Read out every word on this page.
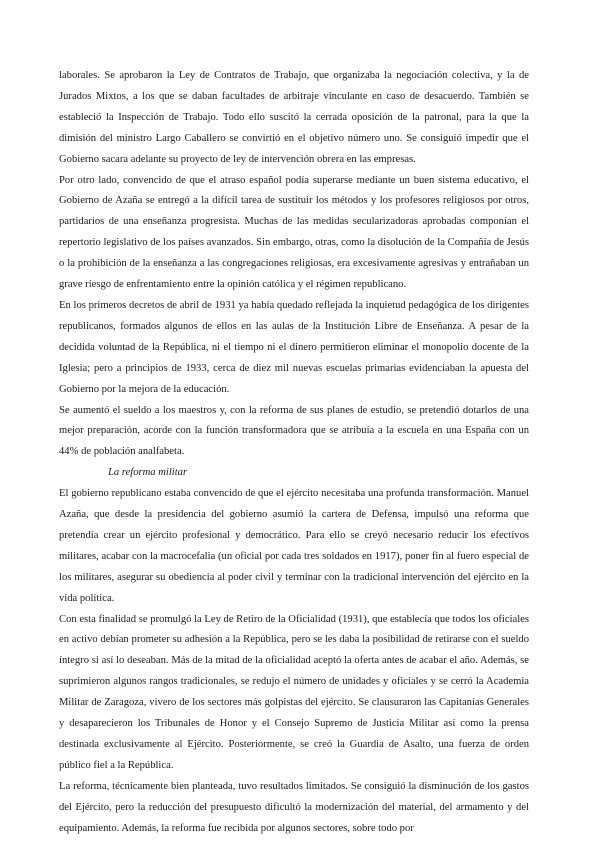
laborales. Se aprobaron la Ley de Contratos de Trabajo, que organizaba la negociación colectiva, y la de Jurados Mixtos, a los que se daban facultades de arbitraje vinculante en caso de desacuerdo. También se estableció la Inspección de Trabajo. Todo ello suscitó la cerrada oposición de la patronal, para la que la dimisión del ministro Largo Caballero se convirtió en el objetivo número uno. Se consiguió impedir que el Gobierno sacara adelante su proyecto de ley de intervención obrera en las empresas.

Por otro lado, convencido de que el atraso español podía superarse mediante un buen sistema educativo, el Gobierno de Azaña se entregó a la difícil tarea de sustituir los métodos y los profesores religiosos por otros, partidarios de una enseñanza progresista. Muchas de las medidas secularizadoras aprobadas componían el repertorio legislativo de los países avanzados. Sin embargo, otras, como la disolución de la Compañía de Jesús o la prohibición de la enseñanza a las congregaciones religiosas, era excesivamente agresivas y entrañaban un grave riesgo de enfrentamiento entre la opinión católica y el régimen republicano.

En los primeros decretos de abril de 1931 ya había quedado reflejada la inquietud pedagógica de los dirigentes republicanos, formados algunos de ellos en las aulas de la Institución Libre de Enseñanza. A pesar de la decidida voluntad de la República, ni el tiempo ni el dinero permitieron eliminar el monopolio docente de la Iglesia; pero a principios de 1933, cerca de diez mil nuevas escuelas primarias evidenciaban la apuesta del Gobierno por la mejora de la educación.

Se aumentó el sueldo a los maestros y, con la reforma de sus planes de estudio, se pretendió dotarlos de una mejor preparación, acorde con la función transformadora que se atribuía a la escuela en una España con un 44% de población analfabeta.

La reforma militar

El gobierno republicano estaba convencido de que el ejército necesitaba una profunda transformación. Manuel Azaña, que desde la presidencia del gobierno asumió la cartera de Defensa, impulsó una reforma que pretendía crear un ejército profesional y democrático. Para ello se creyó necesario reducir los efectivos militares, acabar con la macrocefalia (un oficial por cada tres soldados en 1917), poner fin al fuero especial de los militares, asegurar su obediencia al poder civil y terminar con la tradicional intervención del ejército en la vida política.

Con esta finalidad se promulgó la Ley de Retiro de la Oficialidad (1931), que establecía que todos los oficiales en activo debían prometer su adhesión a la República, pero se les daba la posibilidad de retirarse con el sueldo íntegro si así lo deseaban. Más de la mitad de la oficialidad aceptó la oferta antes de acabar el año. Además, se suprimieron algunos rangos tradicionales, se redujo el número de unidades y oficiales y se cerró la Academia Militar de Zaragoza, vivero de los sectores más golpistas del ejército. Se clausuraron las Capitanías Generales y desaparecieron los Tribunales de Honor y el Consejo Supremo de Justicia Militar así como la prensa destinada exclusivamente al Ejército. Posteriormente, se creó la Guardia de Asalto, una fuerza de orden público fiel a la República.

La reforma, técnicamente bien planteada, tuvo resultados limitados. Se consiguió la disminución de los gastos del Ejército, pero la reducción del presupuesto dificultó la modernización del material, del armamento y del equipamiento. Además, la reforma fue recibida por algunos sectores, sobre todo por
